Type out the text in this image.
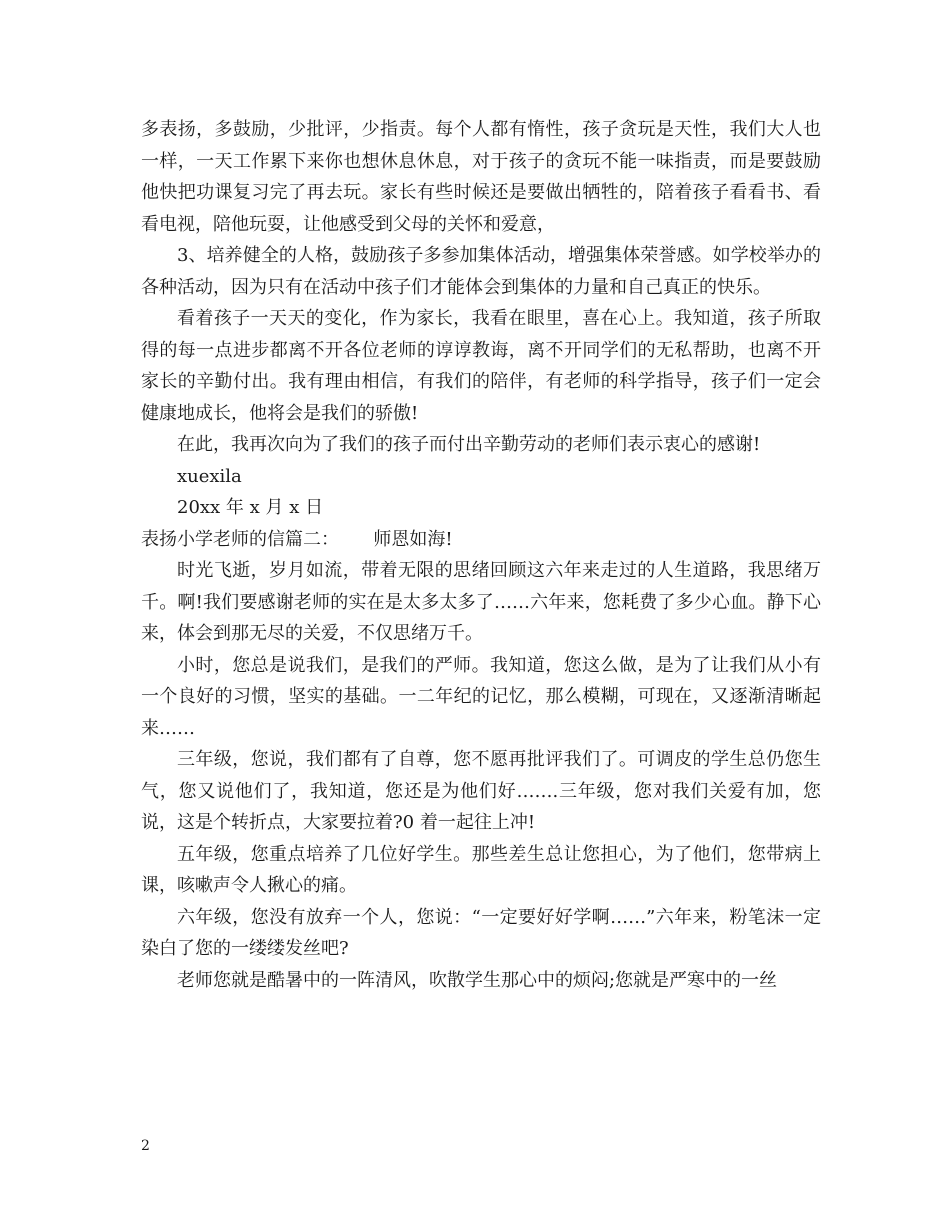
多表扬，多鼓励，少批评，少指责。每个人都有惰性，孩子贪玩是天性，我们大人也一样，一天工作累下来你也想休息休息，对于孩子的贪玩不能一味指责，而是要鼓励他快把功课复习完了再去玩。家长有些时候还是要做出牺牲的，陪着孩子看看书、看看电视，陪他玩耍，让他感受到父母的关怀和爱意，

3、培养健全的人格，鼓励孩子多参加集体活动，增强集体荣誉感。如学校举办的各种活动，因为只有在活动中孩子们才能体会到集体的力量和自己真正的快乐。

看着孩子一天天的变化，作为家长，我看在眼里，喜在心上。我知道，孩子所取得的每一点进步都离不开各位老师的谆谆教诲，离不开同学们的无私帮助，也离不开家长的辛勤付出。我有理由相信，有我们的陪伴，有老师的科学指导，孩子们一定会健康地成长，他将会是我们的骄傲!

在此，我再次向为了我们的孩子而付出辛勤劳动的老师们表示衷心的感谢!

xuexila

20xx 年 x 月 x 日

表扬小学老师的信篇二：      师恩如海!

时光飞逝，岁月如流，带着无限的思绪回顾这六年来走过的人生道路，我思绪万千。啊!我们要感谢老师的实在是太多太多了……六年来，您耗费了多少心血。静下心来，体会到那无尽的关爱，不仅思绪万千。

小时，您总是说我们，是我们的严师。我知道，您这么做，是为了让我们从小有一个良好的习惯，坚实的基础。一二年纪的记忆，那么模糊，可现在，又逐渐清晰起来……

三年级，您说，我们都有了自尊，您不愿再批评我们了。可调皮的学生总仍您生气，您又说他们了，我知道，您还是为他们好…….三年级，您对我们关爱有加，您说，这是个转折点，大家要拉着?0 着一起往上冲!

五年级，您重点培养了几位好学生。那些差生总让您担心，为了他们，您带病上课，咳嗽声令人揪心的痛。

六年级，您没有放弃一个人，您说：“一定要好好学啊……”六年来，粉笔沫一定染白了您的一缕缕发丝吧?

老师您就是酷暑中的一阵清风，吹散学生那心中的烦闷;您就是严寒中的一丝

2
